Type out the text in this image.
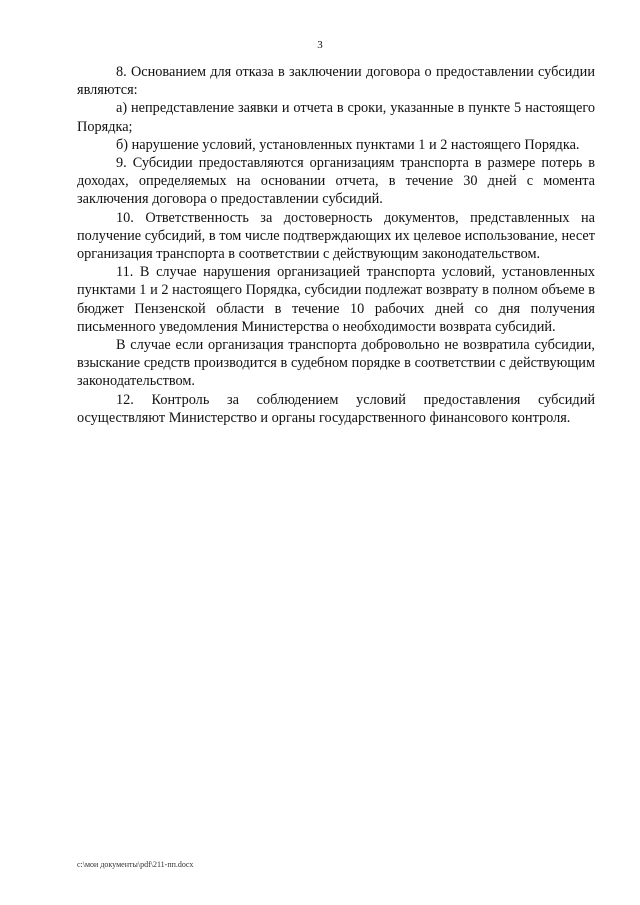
3

8. Основанием для отказа в заключении договора о предоставлении субсидии являются:

а) непредставление заявки и отчета в сроки, указанные в пункте 5 настоящего Порядка;

б) нарушение условий, установленных пунктами 1 и 2 настоящего Порядка.

9. Субсидии предоставляются организациям транспорта в размере потерь в доходах, определяемых на основании отчета, в течение 30 дней с момента заключения договора о предоставлении субсидий.

10. Ответственность за достоверность документов, представленных на получение субсидий, в том числе подтверждающих их целевое использование, несет организация транспорта в соответствии с действующим законодательством.

11. В случае нарушения организацией транспорта условий, установленных пунктами 1 и 2 настоящего Порядка, субсидии подлежат возврату в полном объеме в бюджет Пензенской области в течение 10 рабочих дней со дня получения письменного уведомления Министерства о необходимости возврата субсидий.

В случае если организация транспорта добровольно не возвратила субсидии, взыскание средств производится в судебном порядке в соответствии с действующим законодательством.

12. Контроль за соблюдением условий предоставления субсидий осуществляют Министерство и органы государственного финансового контроля.

c:\мои документы\pdf\211-пп.docx
